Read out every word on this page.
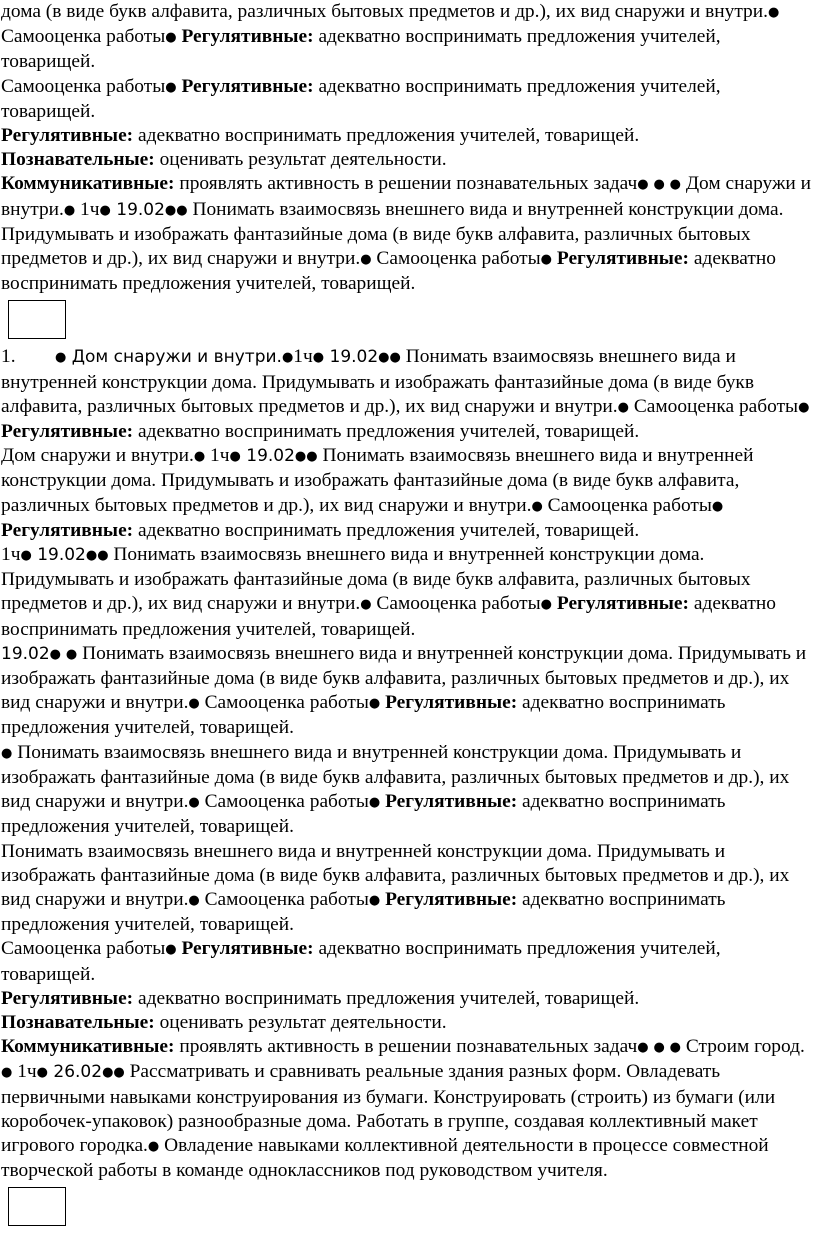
дома (в виде букв алфавита, различных бытовых предметов и др.), их вид снаружи и внутри.● Самооценка работы● Регулятивные: адекватно воспринимать предложения учителей, товарищей.

Самооценка работы● Регулятивные: адекватно воспринимать предложения учителей, товарищей.

Регулятивные: адекватно воспринимать предложения учителей, товарищей.

Познавательные: оценивать результат деятельности.

Коммуникативные: проявлять активность в решении познавательных задач● ● ● Дом снаружи и внутри.● 1ч● 19.02●● Понимать взаимосвязь внешнего вида и внутренней конструкции дома. Придумывать и изображать фантазийные дома (в виде букв алфавита, различных бытовых предметов и др.), их вид снаружи и внутри.● Самооценка работы● Регулятивные: адекватно воспринимать предложения учителей, товарищей.

1.	● Дом снаружи и внутри.●1ч● 19.02●● Понимать взаимосвязь внешнего вида и внутренней конструкции дома. Придумывать и изображать фантазийные дома (в виде букв алфавита, различных бытовых предметов и др.), их вид снаружи и внутри.● Самооценка работы● Регулятивные: адекватно воспринимать предложения учителей, товарищей.

Дом снаружи и внутри.● 1ч● 19.02●● Понимать взаимосвязь внешнего вида и внутренней конструкции дома. Придумывать и изображать фантазийные дома (в виде букв алфавита, различных бытовых предметов и др.), их вид снаружи и внутри.● Самооценка работы● Регулятивные: адекватно воспринимать предложения учителей, товарищей.

1ч● 19.02●● Понимать взаимосвязь внешнего вида и внутренней конструкции дома. Придумывать и изображать фантазийные дома (в виде букв алфавита, различных бытовых предметов и др.), их вид снаружи и внутри.● Самооценка работы● Регулятивные: адекватно воспринимать предложения учителей, товарищей.

19.02● ● Понимать взаимосвязь внешнего вида и внутренней конструкции дома. Придумывать и изображать фантазийные дома (в виде букв алфавита, различных бытовых предметов и др.), их вид снаружи и внутри.● Самооценка работы● Регулятивные: адекватно воспринимать предложения учителей, товарищей.

● Понимать взаимосвязь внешнего вида и внутренней конструкции дома. Придумывать и изображать фантазийные дома (в виде букв алфавита, различных бытовых предметов и др.), их вид снаружи и внутри.● Самооценка работы● Регулятивные: адекватно воспринимать предложения учителей, товарищей.

Понимать взаимосвязь внешнего вида и внутренней конструкции дома. Придумывать и изображать фантазийные дома (в виде букв алфавита, различных бытовых предметов и др.), их вид снаружи и внутри.● Самооценка работы● Регулятивные: адекватно воспринимать предложения учителей, товарищей.

Самооценка работы● Регулятивные: адекватно воспринимать предложения учителей, товарищей.

Регулятивные: адекватно воспринимать предложения учителей, товарищей.

Познавательные: оценивать результат деятельности.

Коммуникативные: проявлять активность в решении познавательных задач● ● ● Строим город. ● 1ч● 26.02●● Рассматривать и сравнивать реальные здания разных форм. Овладевать первичными навыками конструирования из бумаги. Конструировать (строить) из бумаги (или коробочек-упаковок) разнообразные дома. Работать в группе, создавая коллективный макет игрового городка.● Овладение навыками коллективной деятельности в процессе совместной творческой работы в команде одноклассников под руководством учителя.
